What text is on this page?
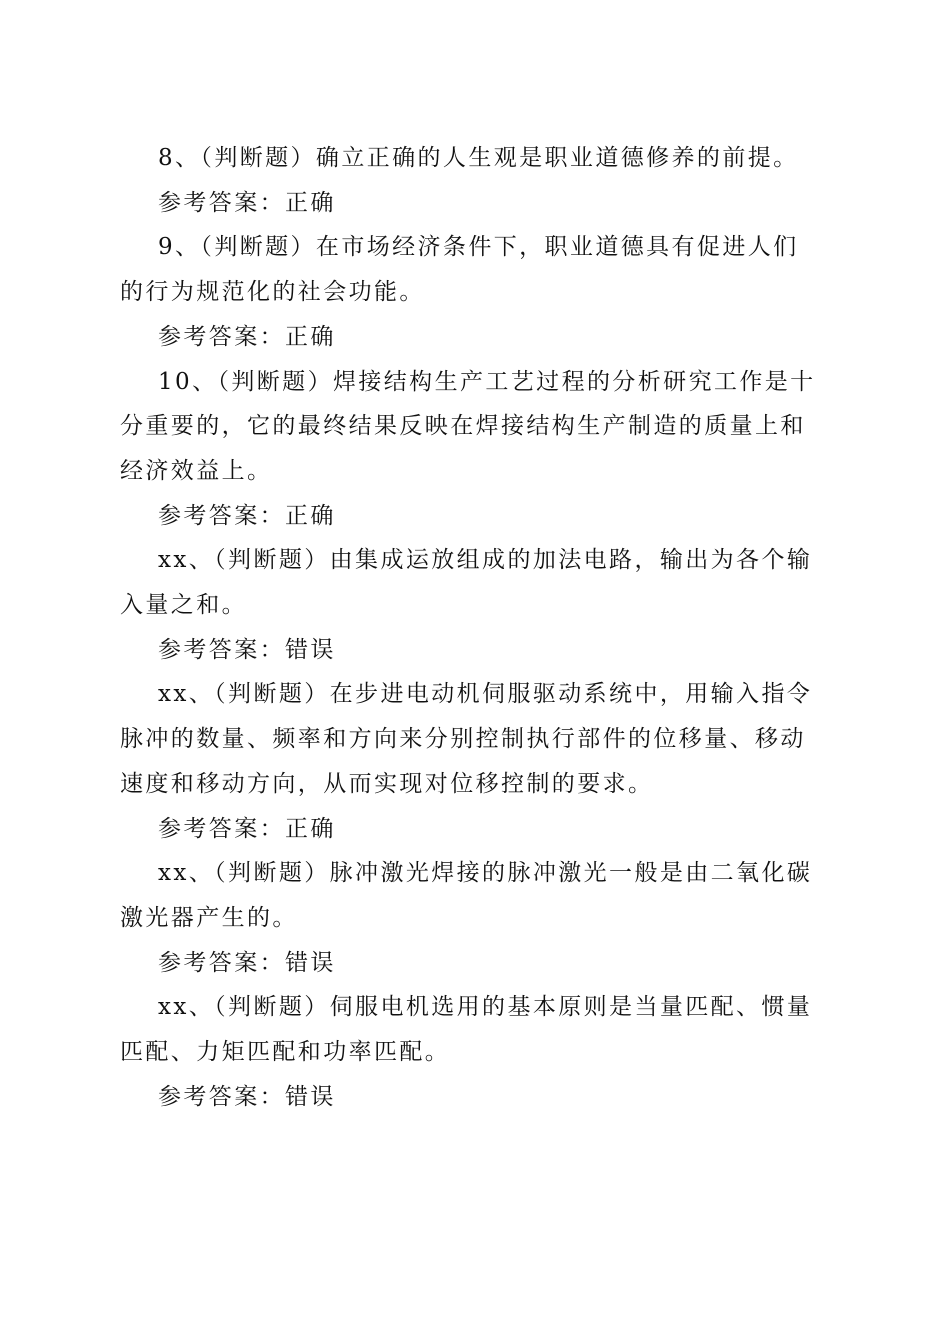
8、（判断题）确立正确的人生观是职业道德修养的前提。

参考答案：正确

9、（判断题）在市场经济条件下，职业道德具有促进人们

的行为规范化的社会功能。

参考答案：正确

10、（判断题）焊接结构生产工艺过程的分析研究工作是十

分重要的，它的最终结果反映在焊接结构生产制造的质量上和

经济效益上。

参考答案：正确

xx、（判断题）由集成运放组成的加法电路，输出为各个输

入量之和。

参考答案：错误

xx、（判断题）在步进电动机伺服驱动系统中，用输入指令

脉冲的数量、频率和方向来分别控制执行部件的位移量、移动

速度和移动方向，从而实现对位移控制的要求。

参考答案：正确

xx、（判断题）脉冲激光焊接的脉冲激光一般是由二氧化碳

激光器产生的。

参考答案：错误

xx、（判断题）伺服电机选用的基本原则是当量匹配、惯量

匹配、力矩匹配和功率匹配。

参考答案：错误
